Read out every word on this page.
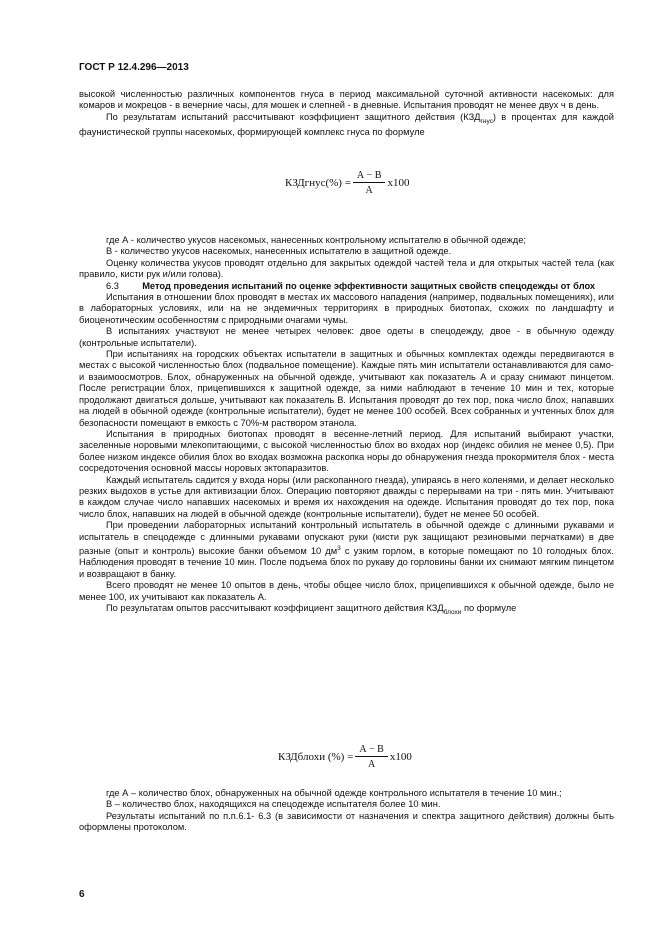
ГОСТ Р 12.4.296—2013

высокой численностью различных компонентов гнуса в период максимальной суточной активности насекомых: для комаров и мокрецов - в вечерние часы, для мошек и слепней - в дневные. Испытания проводят не менее двух ч в день.

По результатам испытаний рассчитывают коэффициент защитного действия $(КЗД_{гнус})$ в процентах для каждой фаунистической группы насекомых, формирующей комплекс гнуса по формуле

КЗДгнус(%) = $\frac{А - В}{А} х100$

где А - количество укусов насекомых, нанесенных контрольному испытателю в обычной одежде;

В - количество укусов насекомых, нанесенных испытателю в защитной одежде.

Оценку количества укусов проводят отдельно для закрытых одеждой частей тела и для открытых частей тела (как правило, кисти рук и/или голова).

6.3	Метод проведения испытаний по оценке эффективности защитных свойств спецодежды от блох

Испытания в отношении блох проводят в местах их массового нападения (например, подвальных помещениях), или в лабораторных условиях, или на не эндемичных территориях в природных биотопах, схожих по ландшафту и биоценотическим особенностям с природными очагами чумы.

В испытаниях участвуют не менее четырех человек: двое одеты в спецодежду, двое - в обычную одежду (контрольные испытатели).

При испытаниях на городских объектах испытатели в защитных и обычных комплектах одежды передвигаются в местах с высокой численностью блох (подвальное помещение). Каждые пять мин испытатели останавливаются для само- и взаимоосмотров. Блох, обнаруженных на обычной одежде, учитывают как показатель А и сразу снимают пинцетом. После регистрации блох, прицепившихся к защитной одежде, за ними наблюдают в течение 10 мин и тех, которые продолжают двигаться дольше, учитывают как показатель В. Испытания проводят до тех пор, пока число блох, напавших на людей в обычной одежде (контрольные испытатели), будет не менее 100 особей. Всех собранных и учтенных блох для безопасности помещают в емкость с 70%-м раствором этанола.

Испытания в природных биотопах проводят в весенне-летний период. Для испытаний выбирают участки, заселенные норовыми млекопитающими, с высокой численностью блох во входах нор (индекс обилия не менее 0,5). При более низком индексе обилия блох во входах возможна раскопка норы до обнаружения гнезда прокормителя блох - места сосредоточения основной массы норовых эктопаразитов.

Каждый испытатель садится у входа норы (или раскопанного гнезда), упираясь в него коленями, и делает несколько резких выдохов в устье для активизации блох. Операцию повторяют дважды с перерывами на три - пять мин. Учитывают в каждом случае число напавших насекомых и время их нахождения на одежде. Испытания проводят до тех пор, пока число блох, напавших на людей в обычной одежде (контрольные испытатели), будет не менее 50 особей.

При проведении лабораторных испытаний контрольный испытатель в обычной одежде с длинными рукавами и испытатель в спецодежде с длинными рукавами опускают руки (кисти рук защищают резиновыми перчатками) в две разные (опыт и контроль) высокие банки объемом 10 $дм^3$ с узким горлом, в которые помещают по 10 голодных блох. Наблюдения проводят в течение 10 мин. После подъема блох по рукаву до горловины банки их снимают мягким пинцетом и возвращают в банку.

Всего проводят не менее 10 опытов в день, чтобы общее число блох, прицепившихся к обычной одежде, было не менее 100, их учитывают как показатель А.

По результатам опытов рассчитывают коэффициент защитного действия $КЗД_{блохи}$ по формуле

КЗДблохи (%) = $\frac{А - В}{А} х100$

где А – количество блох, обнаруженных на обычной одежде контрольного испытателя в течение 10 мин.;

В – количество блох, находящихся на спецодежде испытателя более 10 мин.

Результаты испытаний по п.п.6.1- 6.3 (в зависимости от назначения и спектра защитного действия) должны быть оформлены протоколом.

6
